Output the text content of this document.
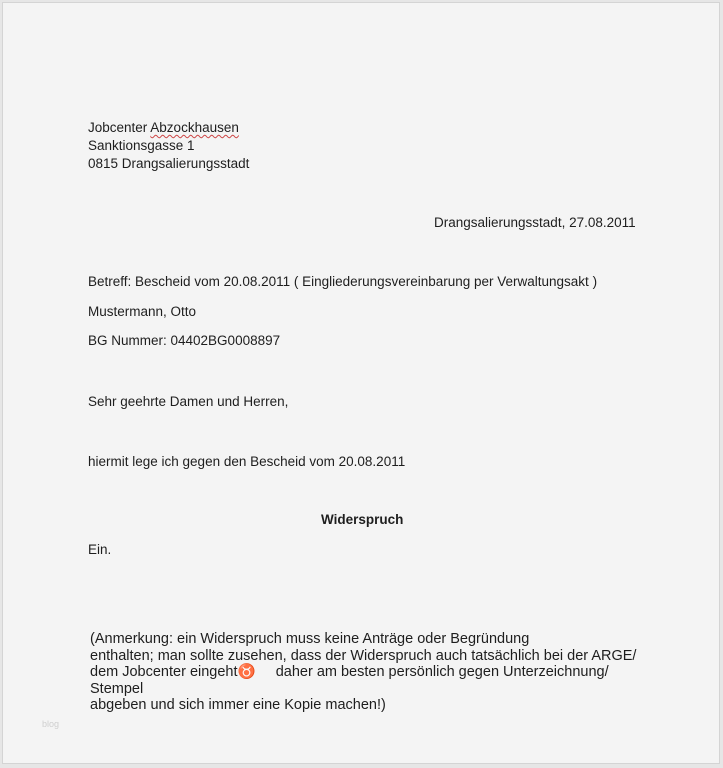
Jobcenter Abzockhausen
Sanktionsgasse 1
0815 Drangsalierungsstadt
Drangsalierungsstadt, 27.08.2011
Betreff: Bescheid vom 20.08.2011 ( Eingliederungsvereinbarung per Verwaltungsakt )
Mustermann, Otto
BG Nummer: 04402BG0008897
Sehr geehrte Damen und Herren,
hiermit lege ich gegen den Bescheid vom 20.08.2011
Widerspruch
Ein.
(Anmerkung: ein Widerspruch muss keine Anträge oder Begründung
enthalten; man sollte zusehen, dass der Widerspruch auch tatsächlich bei der ARGE/
dem Jobcenter eingeht♉     daher am besten persönlich gegen Unterzeichnung/
Stempel
abgeben und sich immer eine Kopie machen!)
blog
